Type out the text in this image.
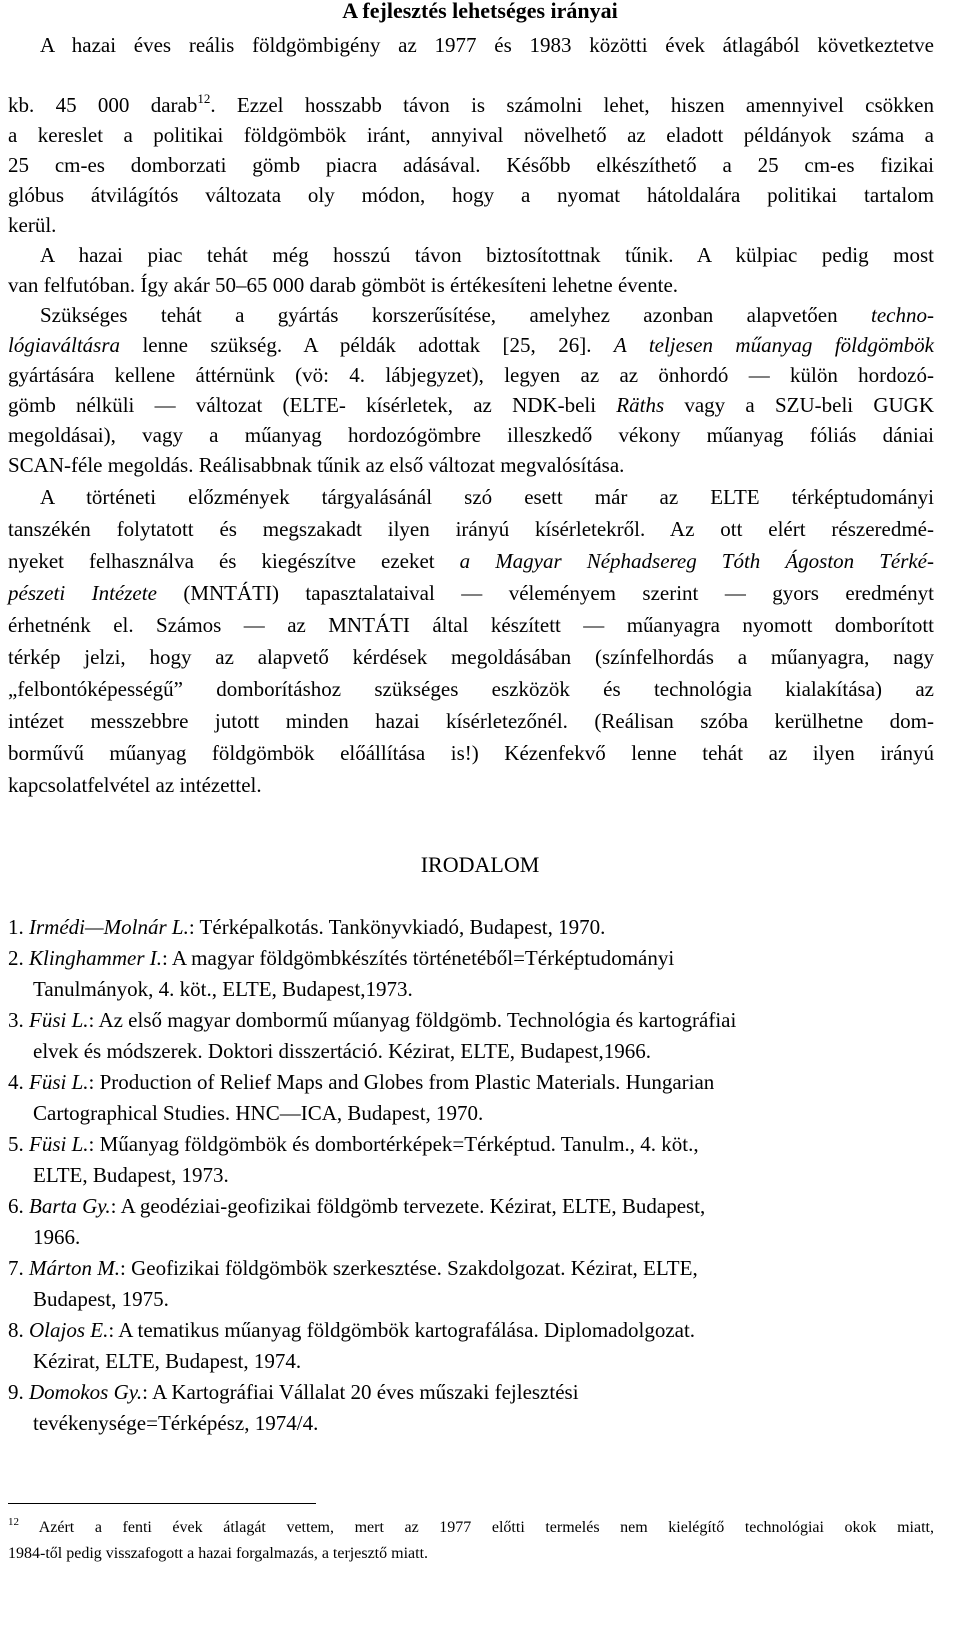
A fejlesztés lehetséges irányai
A hazai éves reális földgömbigény az 1977 és 1983 közötti évek átlagából következtetve
kb. 45 000 darab$^{12}$. Ezzel hosszabb távon is számolni lehet, hiszen amennyivel csökken
a kereslet a politikai földgömbök iránt, annyival növelhető az eladott példányok száma a
25 cm-es domborzati gömb piacra adásával. Később elkészíthető a 25 cm-es fizikai
glóbus átvilágítós változata oly módon, hogy a nyomat hátoldalára politikai tartalom
kerül.
A hazai piac tehát még hosszú távon biztosítottnak tűnik. A külpiac pedig most
van felfutóban. Így akár 50–65 000 darab gömböt is értékesíteni lehetne évente.
Szükséges tehát a gyártás korszerűsítése, amelyhez azonban alapvetően techno-
lógiaváltásra lenne szükség. A példák adottak [25, 26]. A teljesen műanyag földgömbök
gyártására kellene áttérnünk (vö: 4. lábjegyzet), legyen az az önhordó — külön hordozó-
gömb nélküli — változat (ELTE- kísérletek, az NDK-beli Räths vagy a SZU-beli GUGK
megoldásai), vagy a műanyag hordozógömbre illeszkedő vékony műanyag fóliás dániai
SCAN-féle megoldás. Reálisabbnak tűnik az első változat megvalósítása.
A történeti előzmények tárgyalásánál szó esett már az ELTE térképtudományi
tanszékén folytatott és megszakadt ilyen irányú kísérletekről. Az ott elért részeredmé-
nyeket felhasználva és kiegészítve ezeket a Magyar Néphadsereg Tóth Ágoston Térké-
pészeti Intézete (MNTÁTI) tapasztalataival — véleményem szerint — gyors eredményt
érhetnénk el. Számos — az MNTÁTI által készített — műanyagra nyomott domborított
térkép jelzi, hogy az alapvető kérdések megoldásában (színfelhordás a műanyagra, nagy
„felbontóképességű” domborításhoz szükséges eszközök és technológia kialakítása) az
intézet messzebbre jutott minden hazai kísérletezőnél. (Reálisan szóba kerülhetne dom-
borművű műanyag földgömbök előállítása is!) Kézenfekvő lenne tehát az ilyen irányú
kapcsolatfelvétel az intézettel.
IRODALOM
1. Irmédi—Molnár L.: Térképalkotás. Tankönyvkiadó, Budapest, 1970.
2. Klinghammer I.: A magyar földgömbkészítés történetéből=Térképtudományi
Tanulmányok, 4. köt., ELTE, Budapest,1973.
3. Füsi L.: Az első magyar dombormű műanyag földgömb. Technológia és kartográfiai
elvek és módszerek. Doktori disszertáció. Kézirat, ELTE, Budapest,1966.
4. Füsi L.: Production of Relief Maps and Globes from Plastic Materials. Hungarian
Cartographical Studies. HNC—ICA, Budapest, 1970.
5. Füsi L.: Műanyag földgömbök és dombortérképek=Térképtud. Tanulm., 4. köt.,
ELTE, Budapest, 1973.
6. Barta Gy.: A geodéziai-geofizikai földgömb tervezete. Kézirat, ELTE, Budapest,
1966.
7. Márton M.: Geofizikai földgömbök szerkesztése. Szakdolgozat. Kézirat, ELTE,
Budapest, 1975.
8. Olajos E.: A tematikus műanyag földgömbök kartografálása. Diplomadolgozat.
Kézirat, ELTE, Budapest, 1974.
9. Domokos Gy.: A Kartográfiai Vállalat 20 éves műszaki fejlesztési
tevékenysége=Térképész, 1974/4.
$^{12}$ Azért a fenti évek átlagát vettem, mert az 1977 előtti termelés nem kielégítő technológiai okok miatt,
1984-től pedig visszafogott a hazai forgalmazás, a terjesztő miatt.
